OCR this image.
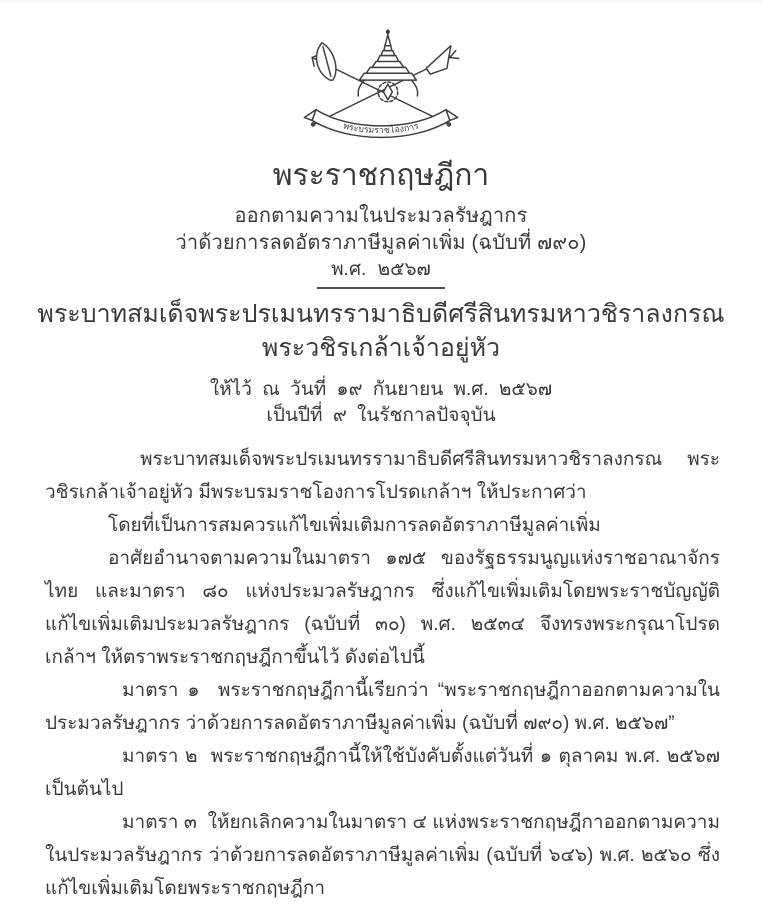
พระบรมราชโองการ
พระราชกฤษฎีกา
ออกตามความในประมวลรัษฎากร
ว่าด้วยการลดอัตราภาษีมูลค่าเพิ่ม (ฉบับที่ ๗๙๐)
พ.ศ. ๒๕๖๗
พระบาทสมเด็จพระปรเมนทรรามาธิบดีศรีสินทรมหาวชิราลงกรณ
พระวชิรเกล้าเจ้าอยู่หัว
ให้ไว้ ณ วันที่ ๑๙ กันยายน พ.ศ. ๒๕๖๗
เป็นปีที่ ๙ ในรัชกาลปัจจุบัน

พระบาทสมเด็จพระปรเมนทรรามาธิบดีศรีสินทรมหาวชิราลงกรณ พระวชิรเกล้าเจ้าอยู่หัว มีพระบรมราชโองการโปรดเกล้าฯ ให้ประกาศว่า

โดยที่เป็นการสมควรแก้ไขเพิ่มเติมการลดอัตราภาษีมูลค่าเพิ่ม

อาศัยอำนาจตามความในมาตรา ๑๗๕ ของรัฐธรรมนูญแห่งราชอาณาจักรไทย และมาตรา ๘๐ แห่งประมวลรัษฎากร ซึ่งแก้ไขเพิ่มเติมโดยพระราชบัญญัติแก้ไขเพิ่มเติมประมวลรัษฎากร (ฉบับที่ ๓๐) พ.ศ. ๒๕๓๔ จึงทรงพระกรุณาโปรดเกล้าฯ ให้ตราพระราชกฤษฎีกาขึ้นไว้ ดังต่อไปนี้

มาตรา ๑  พระราชกฤษฎีกานี้เรียกว่า “พระราชกฤษฎีกาออกตามความในประมวลรัษฎากร ว่าด้วยการลดอัตราภาษีมูลค่าเพิ่ม (ฉบับที่ ๗๙๐) พ.ศ. ๒๕๖๗”

มาตรา ๒  พระราชกฤษฎีกานี้ให้ใช้บังคับตั้งแต่วันที่ ๑ ตุลาคม พ.ศ. ๒๕๖๗ เป็นต้นไป

มาตรา ๓  ให้ยกเลิกความในมาตรา ๔ แห่งพระราชกฤษฎีกาออกตามความในประมวลรัษฎากร ว่าด้วยการลดอัตราภาษีมูลค่าเพิ่ม (ฉบับที่ ๖๔๖) พ.ศ. ๒๕๖๐ ซึ่งแก้ไขเพิ่มเติมโดยพระราชกฤษฎีกา
